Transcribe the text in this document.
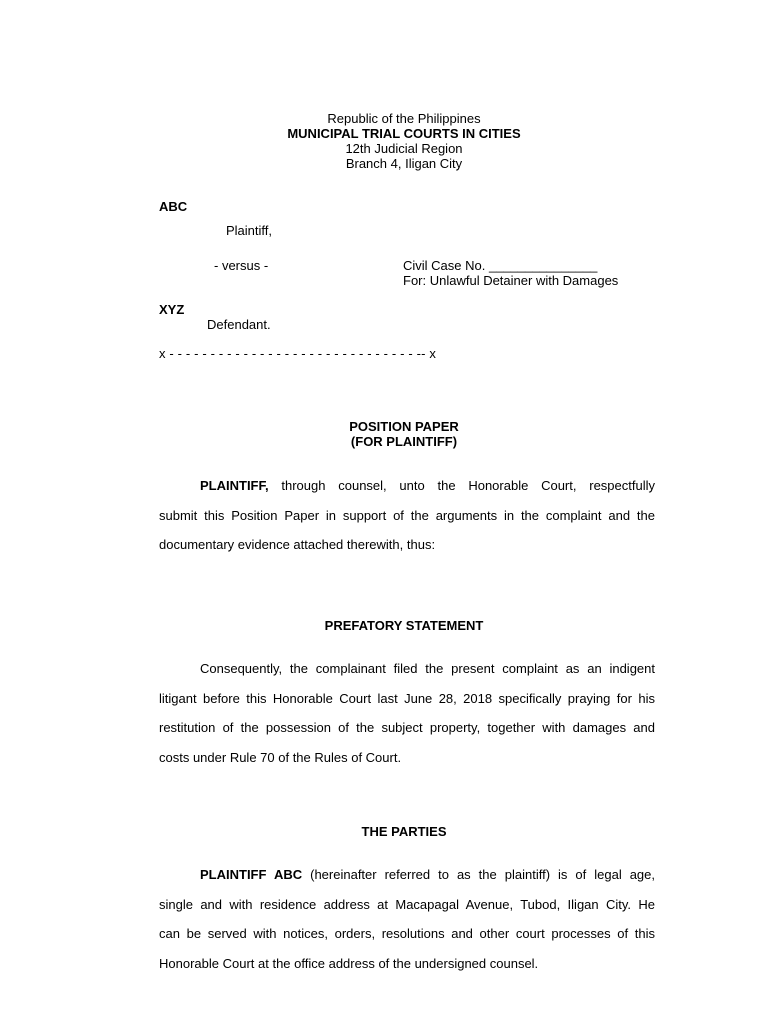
Republic of the Philippines
MUNICIPAL TRIAL COURTS IN CITIES
12th Judicial Region
Branch 4, Iligan City
ABC
Plaintiff,
- versus -	Civil Case No. _______________
For: Unlawful Detainer with Damages
XYZ
Defendant.
x - - - - - - - - - - - - - - - - - - - - - - - - - - - - - - -- x
POSITION PAPER
(FOR PLAINTIFF)
PLAINTIFF, through counsel, unto the Honorable Court, respectfully
submit this Position Paper in support of the arguments in the complaint and the
documentary evidence attached therewith, thus:
PREFATORY STATEMENT
Consequently, the complainant filed the present complaint as an indigent
litigant before this Honorable Court last June 28, 2018 specifically praying for his
restitution of the possession of the subject property, together with damages and
costs under Rule 70 of the Rules of Court.
THE PARTIES
PLAINTIFF ABC (hereinafter referred to as the plaintiff) is of legal age,
single and with residence address at Macapagal Avenue, Tubod, Iligan City. He
can be served with notices, orders, resolutions and other court processes of this
Honorable Court at the office address of the undersigned counsel.
